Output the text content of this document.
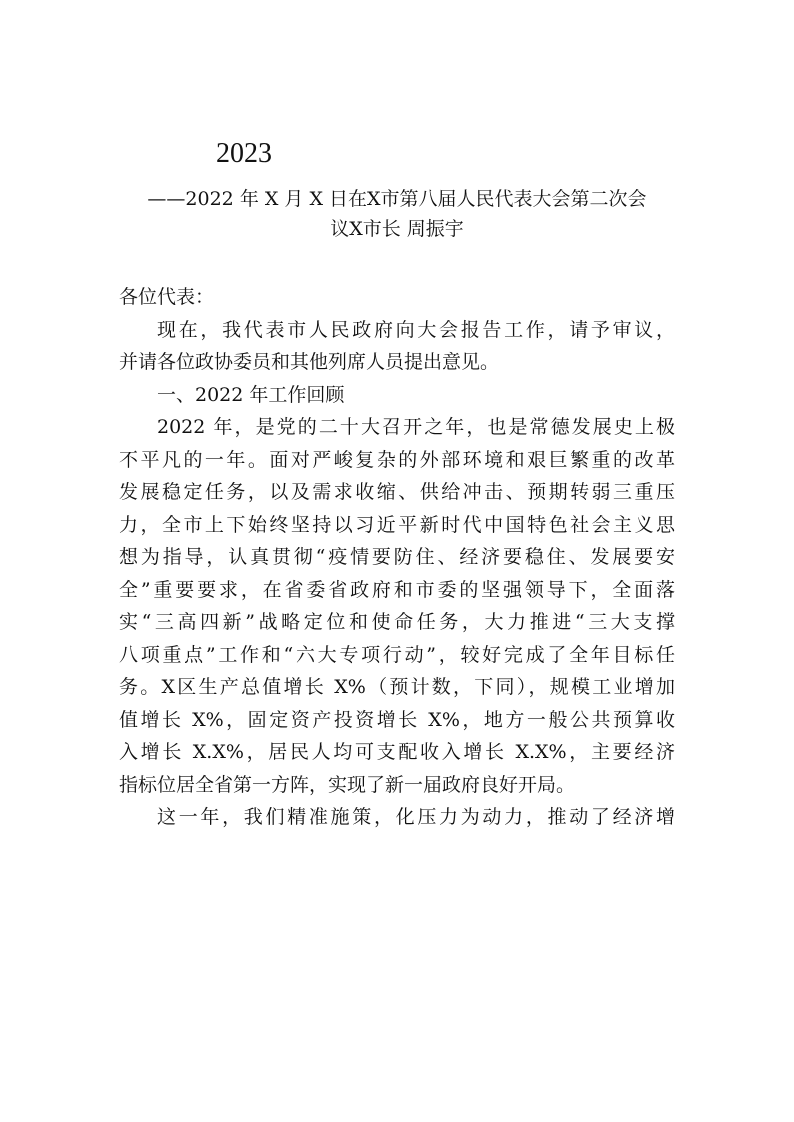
2023
——2022 年 X 月 X 日在X市第八届人民代表大会第二次会
议X市长 周振宇
各位代表：
现在，我代表市人民政府向大会报告工作，请予审议，
并请各位政协委员和其他列席人员提出意见。
一、2022 年工作回顾
2022 年，是党的二十大召开之年，也是常德发展史上极
不平凡的一年。面对严峻复杂的外部环境和艰巨繁重的改革
发展稳定任务，以及需求收缩、供给冲击、预期转弱三重压
力，全市上下始终坚持以习近平新时代中国特色社会主义思
想为指导，认真贯彻“疫情要防住、经济要稳住、发展要安
全”重要要求，在省委省政府和市委的坚强领导下，全面落
实“三高四新”战略定位和使命任务，大力推进“三大支撑
八项重点”工作和“六大专项行动”，较好完成了全年目标任
务。X区生产总值增长 X%（预计数，下同），规模工业增加
值增长 X%，固定资产投资增长 X%，地方一般公共预算收
入增长 X.X%，居民人均可支配收入增长 X.X%，主要经济
指标位居全省第一方阵，实现了新一届政府良好开局。
这一年，我们精准施策，化压力为动力，推动了经济增
